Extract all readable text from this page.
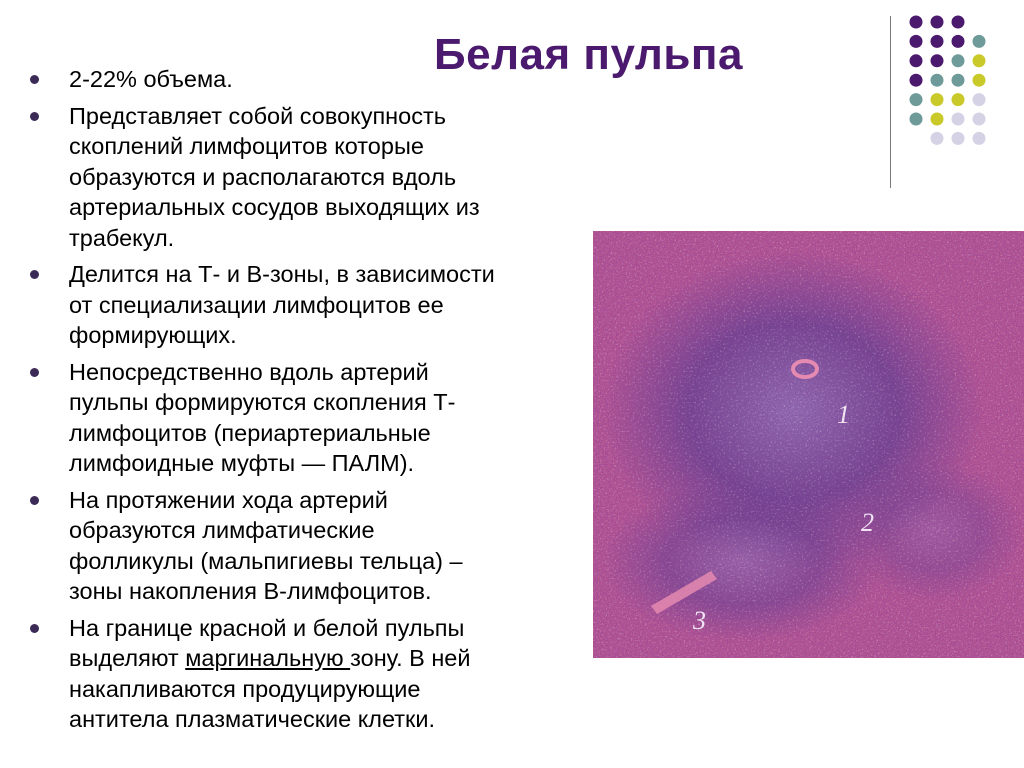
Белая пульпа
2-22% объема.
Представляет собой совокупность
скоплений лимфоцитов которые
образуются и располагаются вдоль
артериальных сосудов выходящих из
трабекул.
Делится на Т- и В-зоны, в зависимости
от специализации лимфоцитов ее
формирующих.
Непосредственно вдоль артерий
пульпы формируются скопления Т-
лимфоцитов (периартериальные
лимфоидные муфты — ПАЛМ).
На протяжении хода артерий
образуются лимфатические
фолликулы (мальпигиевы тельца) –
зоны накопления В-лимфоцитов.
На границе красной и белой пульпы
выделяют маргинальную зону. В ней
накапливаются продуцирующие
антитела плазматические клетки.
1
2
3
